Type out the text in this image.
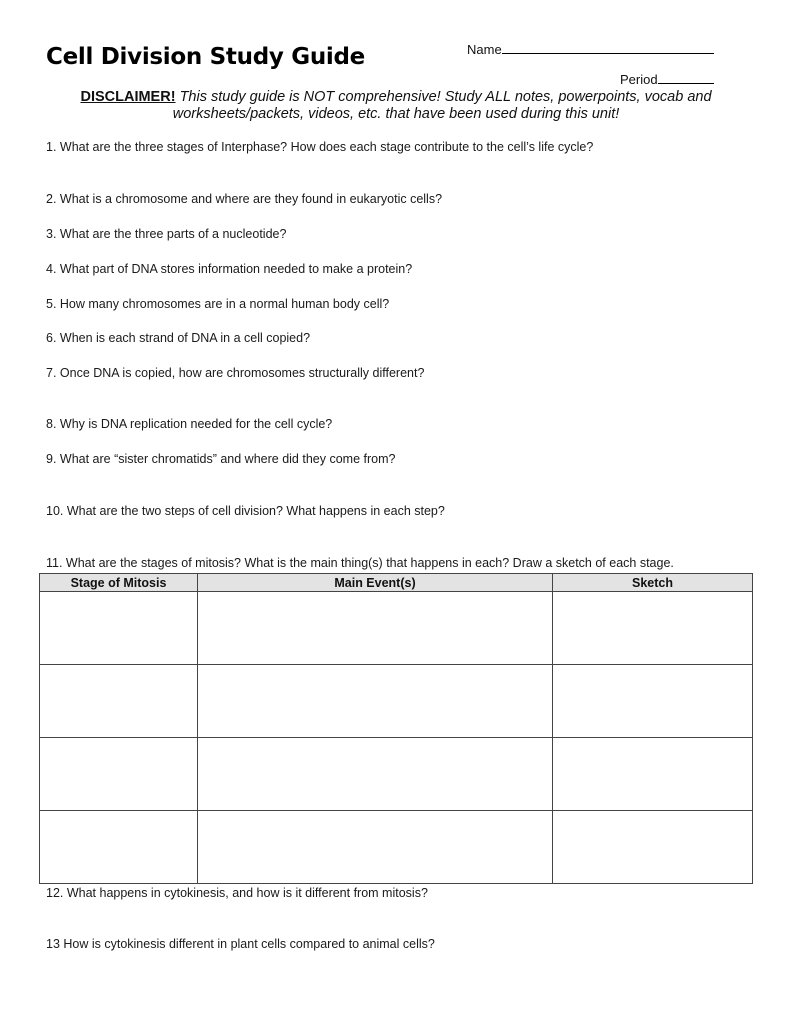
Cell Division Study Guide	Name
Period
DISCLAIMER! This study guide is NOT comprehensive! Study ALL notes, powerpoints, vocab and worksheets/packets, videos, etc. that have been used during this unit!
1. What are the three stages of Interphase? How does each stage contribute to the cell’s life cycle?
2. What is a chromosome and where are they found in eukaryotic cells?
3. What are the three parts of a nucleotide?
4. What part of DNA stores information needed to make a protein?
5. How many chromosomes are in a normal human body cell?
6. When is each strand of DNA in a cell copied?
7. Once DNA is copied, how are chromosomes structurally different?
8. Why is DNA replication needed for the cell cycle?
9. What are “sister chromatids” and where did they come from?
10. What are the two steps of cell division? What happens in each step?
11. What are the stages of mitosis? What is the main thing(s) that happens in each? Draw a sketch of each stage.
Stage of Mitosis	Main Event(s)	Sketch

12. What happens in cytokinesis, and how is it different from mitosis?
13 How is cytokinesis different in plant cells compared to animal cells?
